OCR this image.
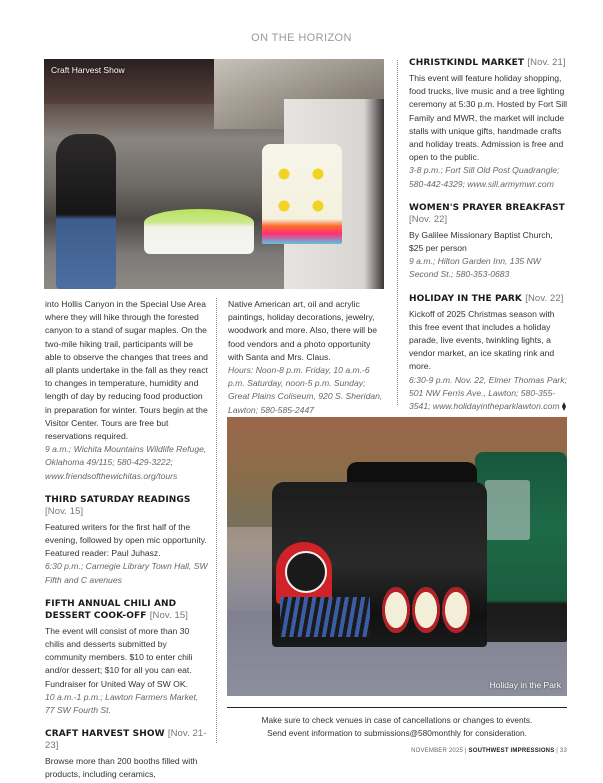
ON THE HORIZON
Craft Harvest Show
CHRISTKINDL MARKET [Nov. 21]

This event will feature holiday shopping, food trucks, live music and a tree lighting ceremony at 5:30 p.m. Hosted by Fort Sill Family and MWR, the market will include stalls with unique gifts, handmade crafts and holiday treats. Admission is free and open to the public.

3-8 p.m.; Fort Sill Old Post Quadrangle; 580-442-4329; www.sill.armymwr.com

WOMEN'S PRAYER BREAKFAST [Nov. 22]

By Galilee Missionary Baptist Church, $25 per person

9 a.m.; Hilton Garden Inn, 135 NW Second St.; 580-353-0683

HOLIDAY IN THE PARK [Nov. 22]

Kickoff of 2025 Christmas season with this free event that includes a holiday parade, live events, twinkling lights, a vendor market, an ice skating rink and more.

6:30-9 p.m. Nov. 22, Elmer Thomas Park; 501 NW Ferris Ave., Lawton; 580-355-3541; www.holidayintheparklawton.com ⧫

into Hollis Canyon in the Special Use Area where they will hike through the forested canyon to a stand of sugar maples. On the two-mile hiking trail, participants will be able to observe the changes that trees and all plants undertake in the fall as they react to changes in temperature, humidity and length of day by reducing food production in preparation for winter. Tours begin at the Visitor Center. Tours are free but reservations required.

9 a.m.; Wichita Mountains Wildlife Refuge, Oklahoma 49/115; 580-429-3222; www.friendsofthewichitas.org/tours

THIRD SATURDAY READINGS [Nov. 15]

Featured writers for the first half of the evening, followed by open mic opportunity. Featured reader: Paul Juhasz.

6:30 p.m.; Carnegie Library Town Hall, SW Fifth and C avenues

FIFTH ANNUAL CHILI AND DESSERT COOK-OFF [Nov. 15]

The event will consist of more than 30 chilis and desserts submitted by community members. $10 to enter chili and/or dessert; $10 for all you can eat. Fundraiser for United Way of SW OK.

10 a.m.-1 p.m.; Lawton Farmers Market, 77 SW Fourth St.

CRAFT HARVEST SHOW [Nov. 21-23]

Browse more than 200 booths filled with products, including ceramics,

Native American art, oil and acrylic paintings, holiday decorations, jewelry, woodwork and more. Also, there will be food vendors and a photo opportunity with Santa and Mrs. Claus.

Hours: Noon-8 p.m. Friday, 10 a.m.-6 p.m. Saturday, noon-5 p.m. Sunday; Great Plains Coliseum, 920 S. Sheridan, Lawton; 580-585-2447

Holiday in the Park
Make sure to check venues in case of cancellations or changes to events.
Send event information to submissions@580monthly for consideration.
NOVEMBER 2025 | SOUTHWEST IMPRESSIONS | 33
